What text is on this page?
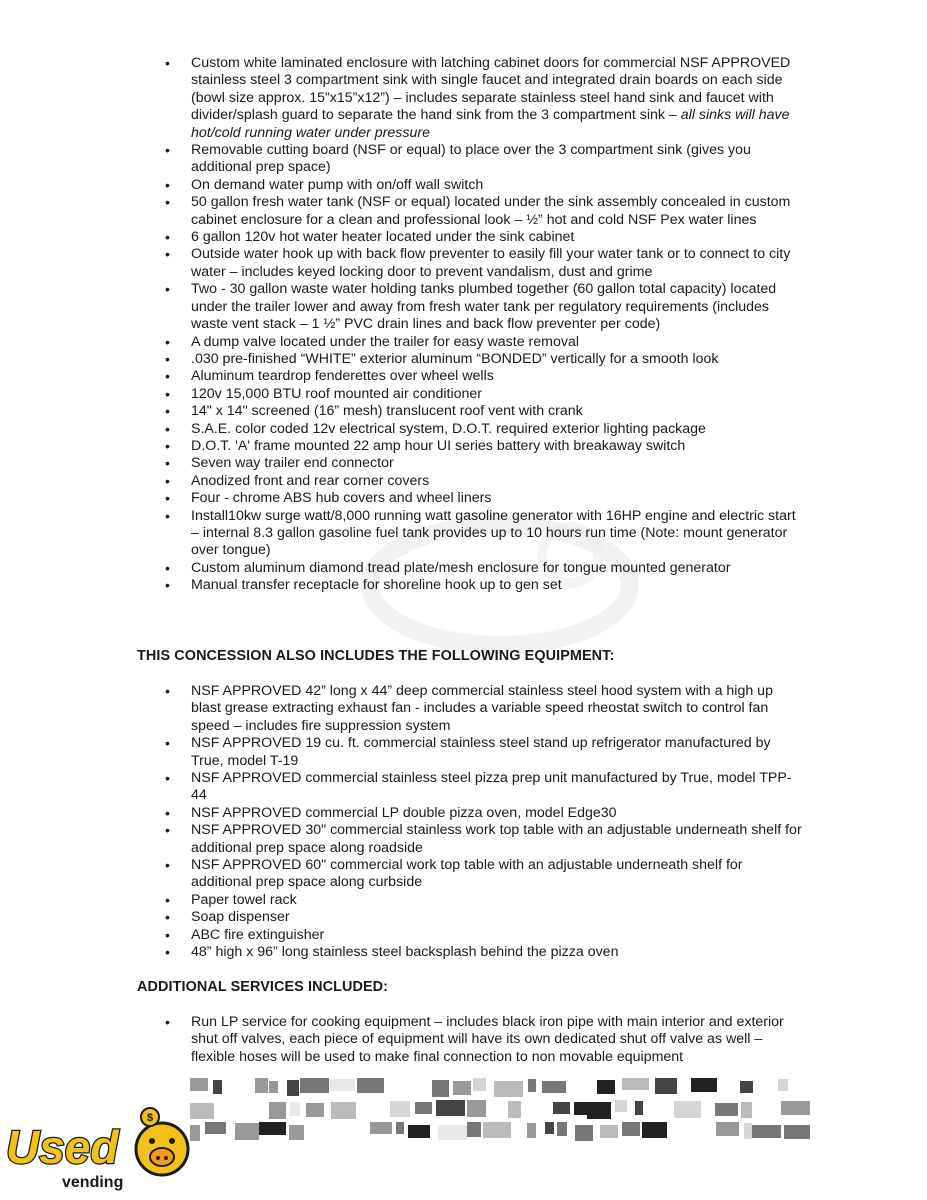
• Custom white laminated enclosure with latching cabinet doors for commercial NSF APPROVED stainless steel 3 compartment sink with single faucet and integrated drain boards on each side (bowl size approx. 15”x15”x12”) – includes separate stainless steel hand sink and faucet with divider/splash guard to separate the hand sink from the 3 compartment sink – all sinks will have hot/cold running water under pressure
• Removable cutting board (NSF or equal) to place over the 3 compartment sink (gives you additional prep space)
• On demand water pump with on/off wall switch
• 50 gallon fresh water tank (NSF or equal) located under the sink assembly concealed in custom cabinet enclosure for a clean and professional look – ½” hot and cold NSF Pex water lines
• 6 gallon 120v hot water heater located under the sink cabinet
• Outside water hook up with back flow preventer to easily fill your water tank or to connect to city water – includes keyed locking door to prevent vandalism, dust and grime
• Two - 30 gallon waste water holding tanks plumbed together (60 gallon total capacity) located under the trailer lower and away from fresh water tank per regulatory requirements (includes waste vent stack – 1 ½” PVC drain lines and back flow preventer per code)
• A dump valve located under the trailer for easy waste removal
• .030 pre-finished “WHITE” exterior aluminum “BONDED” vertically for a smooth look
• Aluminum teardrop fenderettes over wheel wells
• 120v 15,000 BTU roof mounted air conditioner
• 14" x 14" screened (16” mesh) translucent roof vent with crank
• S.A.E. color coded 12v electrical system, D.O.T. required exterior lighting package
• D.O.T. 'A' frame mounted 22 amp hour UI series battery with breakaway switch
• Seven way trailer end connector
• Anodized front and rear corner covers
• Four - chrome ABS hub covers and wheel liners
• Install10kw surge watt/8,000 running watt gasoline generator with 16HP engine and electric start – internal 8.3 gallon gasoline fuel tank provides up to 10 hours run time (Note: mount generator over tongue)
• Custom aluminum diamond tread plate/mesh enclosure for tongue mounted generator
• Manual transfer receptacle for shoreline hook up to gen set
THIS CONCESSION ALSO INCLUDES THE FOLLOWING EQUIPMENT:
• NSF APPROVED 42” long x 44” deep commercial stainless steel hood system with a high up blast grease extracting exhaust fan - includes a variable speed rheostat switch to control fan speed – includes fire suppression system
• NSF APPROVED 19 cu. ft. commercial stainless steel stand up refrigerator manufactured by True, model T-19
• NSF APPROVED commercial stainless steel pizza prep unit manufactured by True, model TPP-44
• NSF APPROVED commercial LP double pizza oven, model Edge30
• NSF APPROVED 30" commercial stainless work top table with an adjustable underneath shelf for additional prep space along roadside
• NSF APPROVED 60" commercial work top table with an adjustable underneath shelf for additional prep space along curbside
• Paper towel rack
• Soap dispenser
• ABC fire extinguisher
• 48” high x 96” long stainless steel backsplash behind the pizza oven
ADDITIONAL SERVICES INCLUDED:
• Run LP service for cooking equipment – includes black iron pipe with main interior and exterior shut off valves, each piece of equipment will have its own dedicated shut off valve as well – flexible hoses will be used to make final connection to non movable equipment
$
Used
vending
